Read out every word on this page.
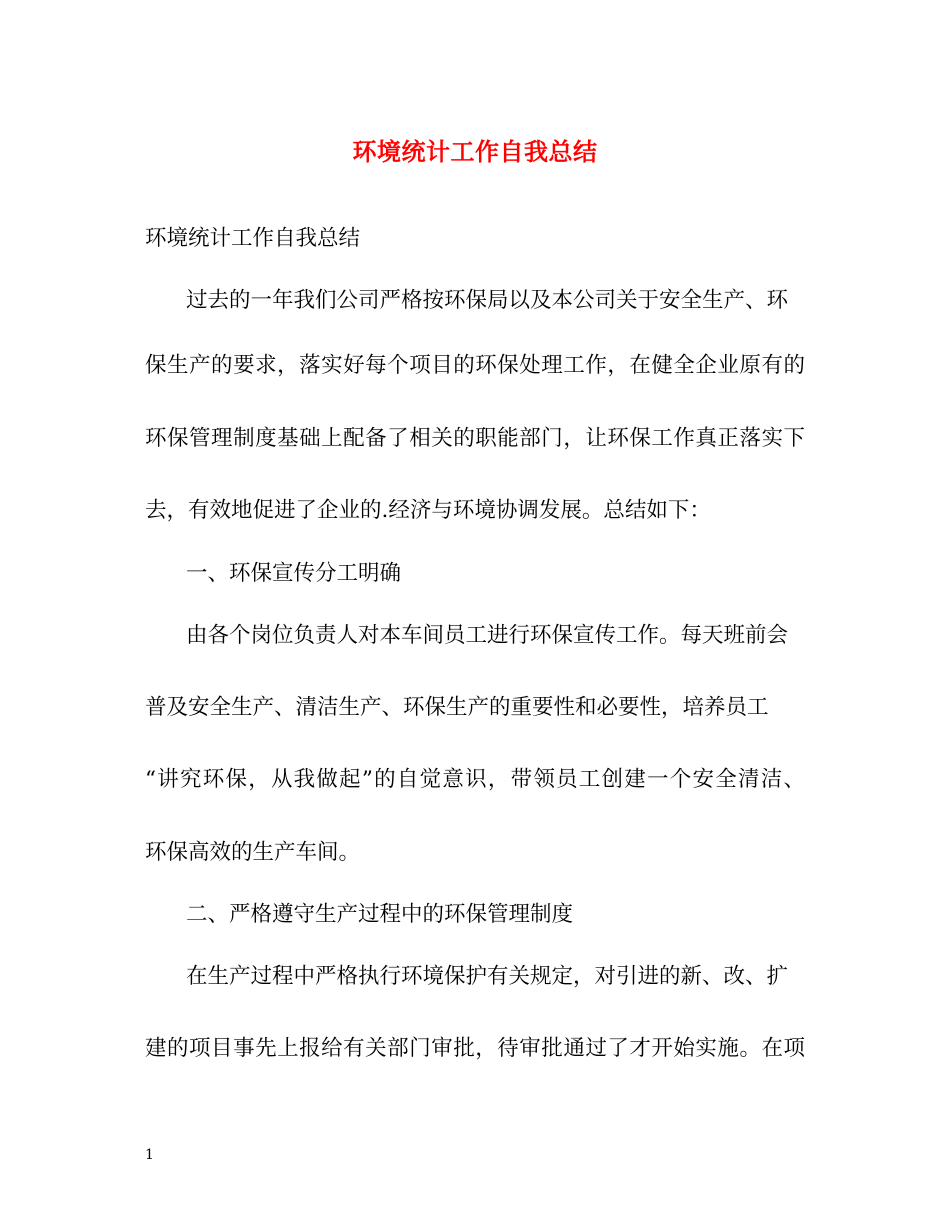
环境统计工作自我总结
环境统计工作自我总结
过去的一年我们公司严格按环保局以及本公司关于安全生产、环
保生产的要求，落实好每个项目的环保处理工作，在健全企业原有的
环保管理制度基础上配备了相关的职能部门，让环保工作真正落实下
去，有效地促进了企业的.经济与环境协调发展。总结如下：
一、环保宣传分工明确
由各个岗位负责人对本车间员工进行环保宣传工作。每天班前会
普及安全生产、清洁生产、环保生产的重要性和必要性，培养员工
“讲究环保，从我做起”的自觉意识，带领员工创建一个安全清洁、
环保高效的生产车间。
二、严格遵守生产过程中的环保管理制度
在生产过程中严格执行环境保护有关规定，对引进的新、改、扩
建的项目事先上报给有关部门审批，待审批通过了才开始实施。在项
1
